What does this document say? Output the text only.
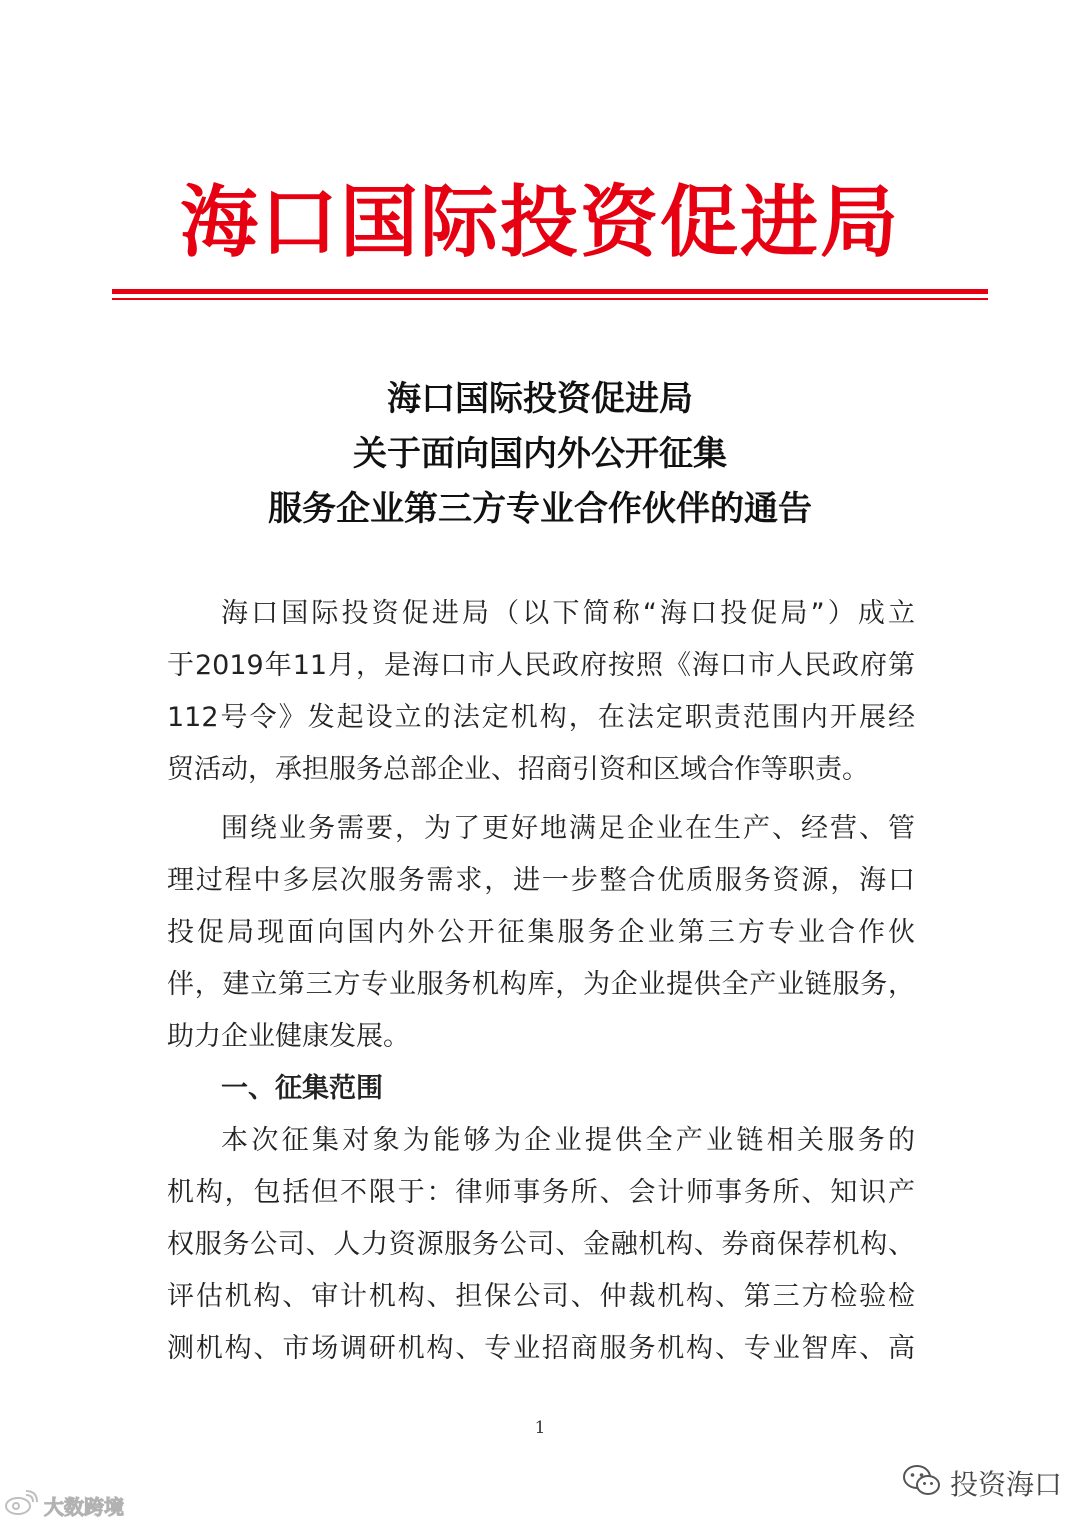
海口国际投资促进局
海口国际投资促进局
关于面向国内外公开征集
服务企业第三方专业合作伙伴的通告
海口国际投资促进局（以下简称“海口投促局”）成立
于2019年11月，是海口市人民政府按照《海口市人民政府第
112号令》发起设立的法定机构，在法定职责范围内开展经
贸活动，承担服务总部企业、招商引资和区域合作等职责。
围绕业务需要，为了更好地满足企业在生产、经营、管
理过程中多层次服务需求，进一步整合优质服务资源，海口
投促局现面向国内外公开征集服务企业第三方专业合作伙
伴，建立第三方专业服务机构库，为企业提供全产业链服务，
助力企业健康发展。
一、征集范围
本次征集对象为能够为企业提供全产业链相关服务的
机构，包括但不限于：律师事务所、会计师事务所、知识产
权服务公司、人力资源服务公司、金融机构、券商保荐机构、
评估机构、审计机构、担保公司、仲裁机构、第三方检验检
测机构、市场调研机构、专业招商服务机构、专业智库、高
1
大数跨境
投资海口
